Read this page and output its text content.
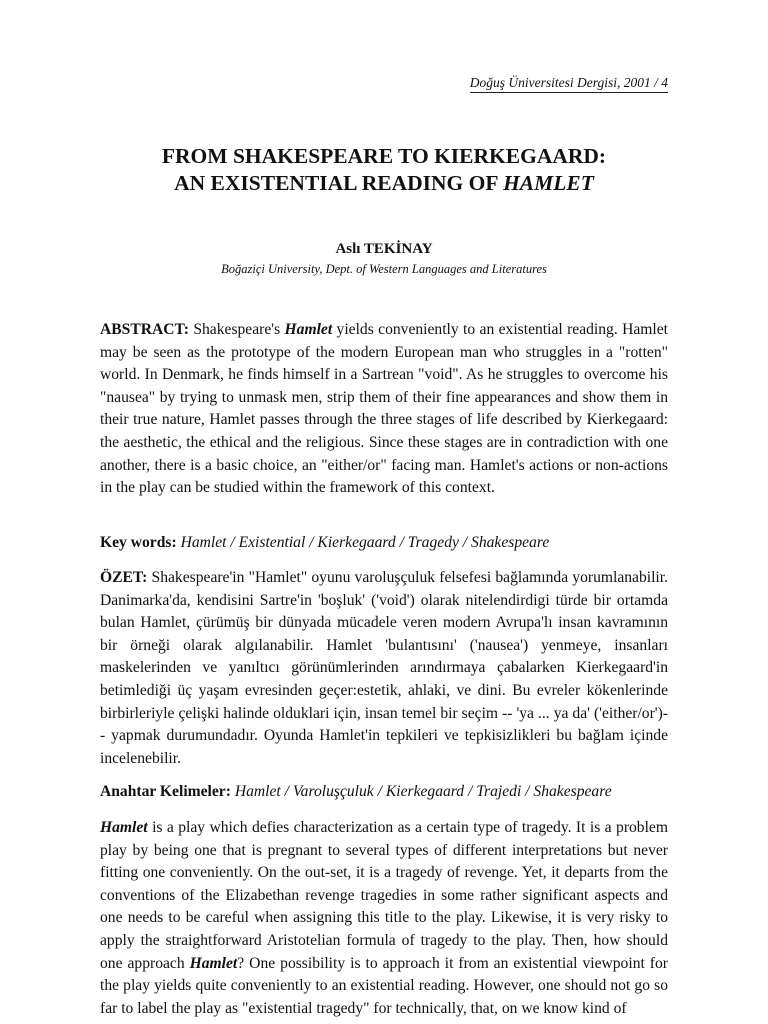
Doğuş Üniversitesi Dergisi, 2001 / 4
FROM SHAKESPEARE TO KIERKEGAARD:
AN EXISTENTIAL READING OF HAMLET
Aslı TEKİNAY
Boğaziçi University, Dept. of Western Languages and Literatures

ABSTRACT: Shakespeare's Hamlet yields conveniently to an existential reading. Hamlet may be seen as the prototype of the modern European man who struggles in a "rotten" world. In Denmark, he finds himself in a Sartrean "void". As he struggles to overcome his "nausea" by trying to unmask men, strip them of their fine appearances and show them in their true nature, Hamlet passes through the three stages of life described by Kierkegaard: the aesthetic, the ethical and the religious. Since these stages are in contradiction with one another, there is a basic choice, an "either/or" facing man. Hamlet's actions or non-actions in the play can be studied within the framework of this context.

Key words: Hamlet / Existential / Kierkegaard / Tragedy / Shakespeare

ÖZET: Shakespeare'in "Hamlet" oyunu varoluşçuluk felsefesi bağlamında yorumlanabilir. Danimarka'da, kendisini Sartre'in 'boşluk' ('void') olarak nitelendirdigi türde bir ortamda bulan Hamlet, çürümüş bir dünyada mücadele veren modern Avrupa'lı insan kavramının bir örneği olarak algılanabilir. Hamlet 'bulantısını' ('nausea') yenmeye, insanları maskelerinden ve yanıltıcı görünümlerinden arındırmaya çabalarken Kierkegaard'in betimlediği üç yaşam evresinden geçer:estetik, ahlaki, ve dini. Bu evreler kökenlerinde birbirleriyle çelişki halinde olduklari için, insan temel bir seçim -- 'ya ... ya da' ('either/or')-- yapmak durumundadır. Oyunda Hamlet'in tepkileri ve tepkisizlikleri bu bağlam içinde incelenebilir.

Anahtar Kelimeler: Hamlet / Varoluşçuluk / Kierkegaard / Trajedi / Shakespeare

Hamlet is a play which defies characterization as a certain type of tragedy. It is a problem play by being one that is pregnant to several types of different interpretations but never fitting one conveniently. On the out-set, it is a tragedy of revenge. Yet, it departs from the conventions of the Elizabethan revenge tragedies in some rather significant aspects and one needs to be careful when assigning this title to the play. Likewise, it is very risky to apply the straightforward Aristotelian formula of tragedy to the play. Then, how should one approach Hamlet? One possibility is to approach it from an existential viewpoint for the play yields quite conveniently to an existential reading. However, one should not go so far to label the play as "existential tragedy" for technically, that, on we know kind of
